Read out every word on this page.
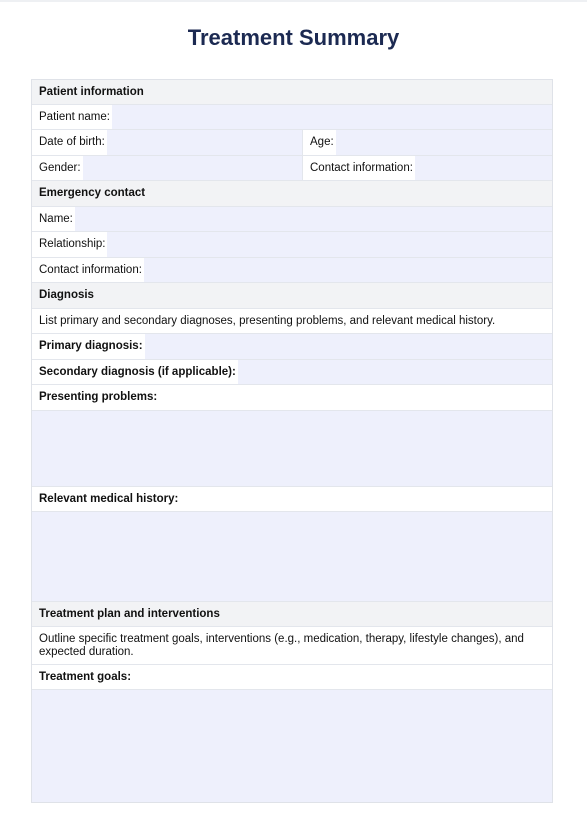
Treatment Summary
Patient information
Patient name:
Date of birth:	Age:
Gender:	Contact information:
Emergency contact
Name:
Relationship:
Contact information:
Diagnosis
List primary and secondary diagnoses, presenting problems, and relevant medical history.
Primary diagnosis:
Secondary diagnosis (if applicable):
Presenting problems:
Relevant medical history:
Treatment plan and interventions
Outline specific treatment goals, interventions (e.g., medication, therapy, lifestyle changes), and expected duration.
Treatment goals:
